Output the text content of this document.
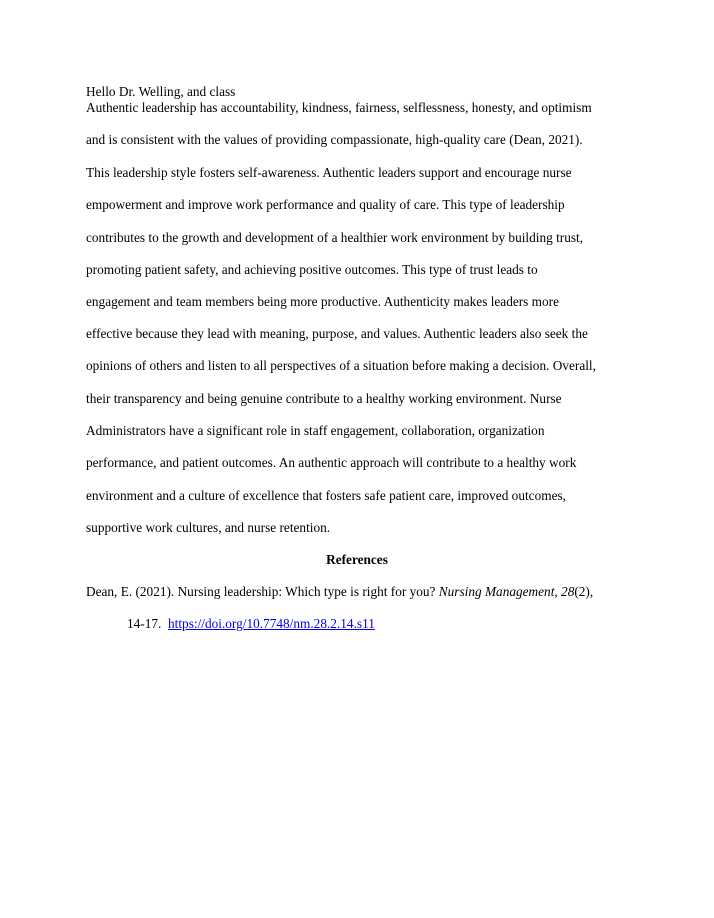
Hello Dr. Welling, and class
Authentic leadership has accountability, kindness, fairness, selflessness, honesty, and optimism
and is consistent with the values of providing compassionate, high-quality care (Dean, 2021).
This leadership style fosters self-awareness. Authentic leaders support and encourage nurse
empowerment and improve work performance and quality of care. This type of leadership
contributes to the growth and development of a healthier work environment by building trust,
promoting patient safety, and achieving positive outcomes. This type of trust leads to
engagement and team members being more productive. Authenticity makes leaders more
effective because they lead with meaning, purpose, and values. Authentic leaders also seek the
opinions of others and listen to all perspectives of a situation before making a decision. Overall,
their transparency and being genuine contribute to a healthy working environment. Nurse
Administrators have a significant role in staff engagement, collaboration, organization
performance, and patient outcomes. An authentic approach will contribute to a healthy work
environment and a culture of excellence that fosters safe patient care, improved outcomes,
supportive work cultures, and nurse retention.
References
Dean, E. (2021). Nursing leadership: Which type is right for you? Nursing Management, 28(2),
14-17. https://doi.org/10.7748/nm.28.2.14.s11
